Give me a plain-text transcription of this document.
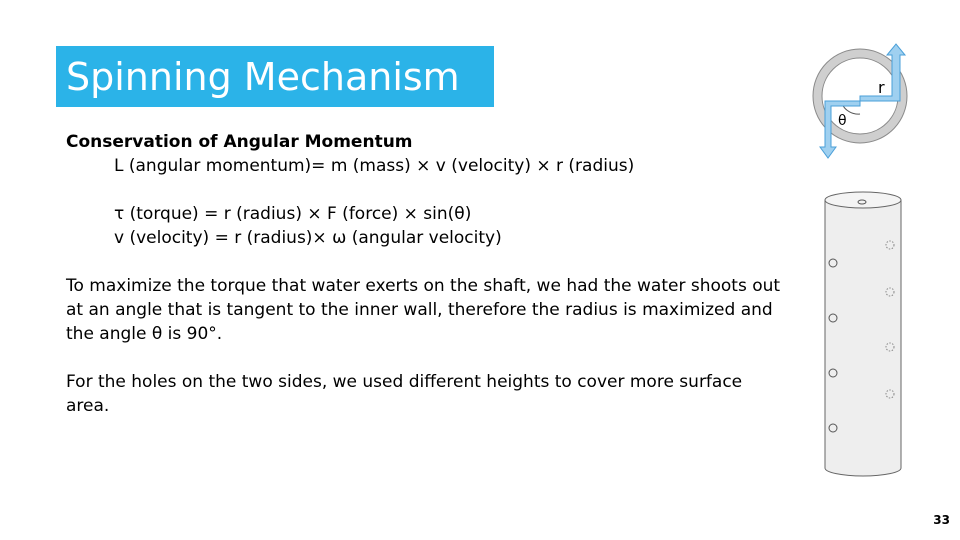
Spinning Mechanism
Conservation of Angular Momentum
L (angular momentum)= m (mass) × v (velocity) × r (radius)
τ (torque) = r (radius) × F (force) × sin(θ)
v (velocity) = r (radius)× ω (angular velocity)
To maximize the torque that water exerts on the shaft, we had the water shoots out at an angle that is tangent to the inner wall, therefore the radius is maximized and the angle θ is 90°.
For the holes on the two sides, we used different heights to cover more surface area.
r
θ
33
